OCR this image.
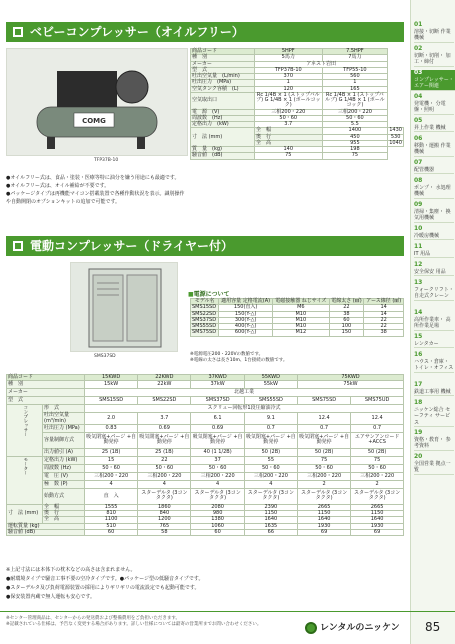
ベビーコンプレッサー（オイルフリー）
COMG
TFP37B-10
商品コード	5HPF	7.5HPF	
種　別	5馬力	7馬力	
メーカー	アネスト岩田		
型　式	TFP37B-10	TFP55-10	
吐出空気量　(L/min)	370	560	
吐出圧力　(MPa)	1	1	
空気タンク容積　(L)	120	165	
空気取出口	Rc 1/4B × 1 (ストップバルブ) G 1/4B × 1 (ボールコック)	Rc 1/4B × 1 (ストップバルブ) G 1/4B × 1 (ボールコック)	
電　源　(V)	三相200・220	三相200・220	
周波数　(Hz)	50・60	50・60	
定格出力　(kW)	3.7	5.5	
寸　法 (mm)	全　幅	1400	1430
	奥　行	450	530
	全　高	955	1040
質　量　(kg)	140	198	
騒音値　(dB)	75	75	
●オイルフリー式は、食品・塗装・医療等特に油分を嫌う用途にも最適です。
●オイルフリー式は、オイル補給が不要です。
●パッケージタイプは再機能マイコン搭載装置で各種作動状況を表示。識別操作や自動開閉のオプションキットの追加で可能です。
電動コンプレッサー（ドライヤー付）
SMS37SD
■電源について
モデル名	適用容量 定格電流(A)	電磁接触器 ねじサイズ	電線太さ (㎟)	アース線径 (㎟)
SMS15SD	150(直入)	M6	22	14
SMS22SD	150(Y-△)	M10	38	14
SMS37SD	300(Y-△)	M10	60	22
SMS55SD	400(Y-△)	M10	100	22
SMS75SD	600(Y-△)	M12	150	38
※電源電圧200・220Vの数値です。
※電線の太さは長さ10m、1台接続の数値です。
商品コード		15KWD	22KWD	37KWD	55KWD	75KWD	
種　別		15kW	22kW	37kW	55kW	75kW	
メーカー		北越工業					
型　式		SMS15SD	SMS22SD	SMS37SD	SMS55SD	SMS75SD	SMS75UD
コンプレッサー	形　式	スクリュー回転形1段圧縮油冷式					
	吐出空気量 (m³/min)	2.0	3.7	6.1	9.1	12.4	12.4
	吐出圧力 (MPa)	0.83	0.69	0.69	0.7	0.7	0.7
	容量制御方式	吸気閉塞+パージ +自動発停	吸気閉塞+パージ +自動発停	吸気閉塞+パージ +自動発停	吸気閉塞+パージ +自動発停	吸気閉塞+パージ +自動発停	エアサンアンロード +ACCS
	出力値引 (A)	25 (1B)	25 (1B)	40 (1 1/2B)	50 (2B)	50 (2B)	50 (2B)
モーター	定格出力 (kW)	15	22	37	55	75	75
	周波数 (Hz)	50・60	50・60	50・60	50・60	50・60	50・60
	電　圧 (V)	三相200・220	三相200・220	三相200・220	三相200・220	三相200・220	三相200・220
	極　数 (P)	4	4	4	4	2	2
	始動方式	直　入	スターデルタ (3コンタクタ)	スターデルタ (3コンタクタ)	スターデルタ (3コンタクタ)	スターデルタ (3コンタクタ)	スターデルタ (3コンタクタ)
寸　法 (mm)	全　幅	1555	1860	2080	2390	2665	2665
	奥　行	810	840	980	1150	1150	1150
	全　高	1100	1200	1380	1640	1640	1640
運転質量 (kg)		510	765	1060	1635	1930	1930
騒音値 (dB)		60	58	60	66	69	69
※上記寸法には本体下の枕木などの高さは含まれません。
●耐環境タイプで騒音工事不要の空冷タイプです。●パッケージ型の低騒音タイプです。
●スターデルタ及び負荷電源装置の採用によりギリギリの電流設定でも起動可能です。
●保安装置内蔵で無人運転も安心です。
01
溶接・切断 作業機械
02
切断・切削・ 加工・締付
03
コンプレッサー・ エアー関連
04
発電機・ 分電盤・照明
05
昇上作業 機械
06
移動・運搬 作業機械
07
配管機器
08
ポンプ・ 水処理機械
09
清掃・集塵・ 換気用機械
10
冷暖房機械
11
IT 用品
12
安全保安 用品
13
フォークリフト・ 自走式クレーン
14
高所作業車・ 高所作業足場
15
レンタカー
16
ハウス・倉庫・ トイレ・オフィス
17
鉄道工事用 機械
18
ニッケン総合 セーフティ サービス
19
資格・教育・ 参考資料
20
全国営業 拠点一覧
※センター管理商品は、センターからの発送費および整備費用をご負担いただきます。
※記載されている仕様は、予告なく変更する場合があります。詳しい仕様については最寄の営業所までお問い合わせください。	レンタルのニッケン 85
